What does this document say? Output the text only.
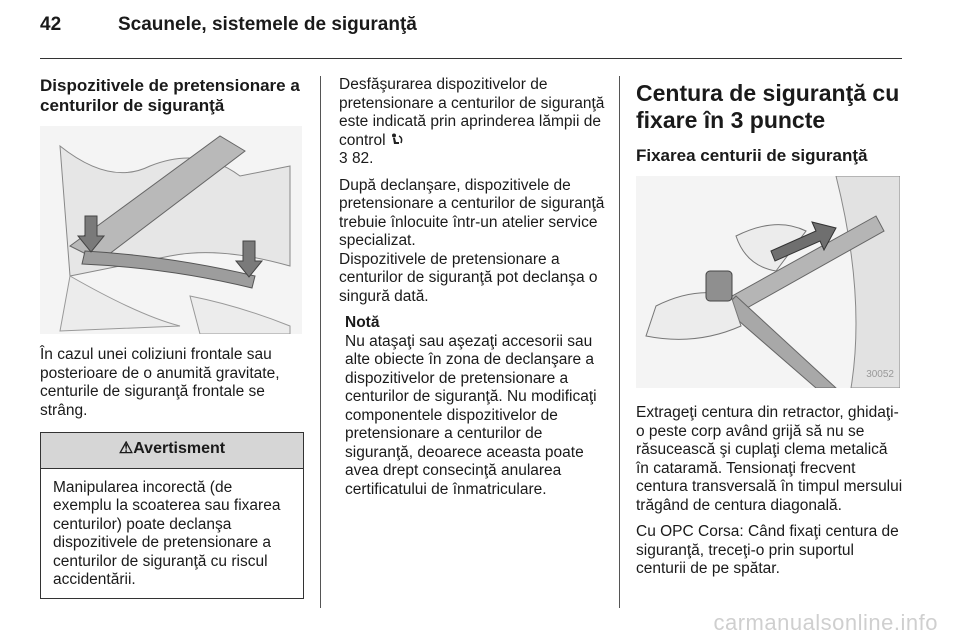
42	Scaunele, sistemele de siguranţă
Dispozitivele de pretensionare a centurilor de siguranţă

În cazul unei coliziuni frontale sau posterioare de o anumită gravitate, centurile de siguranţă frontale se strâng.

⚠Avertisment
Manipularea incorectă (de exemplu la scoaterea sau fixarea centurilor) poate declanşa dispozitivele de pretensionare a centurilor de siguranţă cu riscul accidentării.

Desfăşurarea dispozitivelor de pretensionare a centurilor de siguranţă este indicată prin aprinderea lămpii de control
3 82.

După declanşare, dispozitivele de pretensionare a centurilor de siguranţă trebuie înlocuite într-un atelier service specializat.

Dispozitivele de pretensionare a centurilor de siguranţă pot declanşa o singură dată.

Notă
Nu ataşaţi sau aşezaţi accesorii sau alte obiecte în zona de declanşare a dispozitivelor de pretensionare a centurilor de siguranţă. Nu modificaţi componentele dispozitivelor de pretensionare a centurilor de siguranţă, deoarece aceasta poate avea drept consecinţă anularea certificatului de înmatriculare.
Centura de siguranţă cu fixare în 3 puncte
Fixarea centurii de siguranţă
30052

Extrageţi centura din retractor, ghidaţi-o peste corp având grijă să nu se răsucească şi cuplaţi clema metalică în cataramă. Tensionaţi frecvent centura transversală în timpul mersului trăgând de centura diagonală.

Cu OPC Corsa: Când fixaţi centura de siguranţă, treceţi-o prin suportul centurii de pe spătar.

carmanualsonline.info
